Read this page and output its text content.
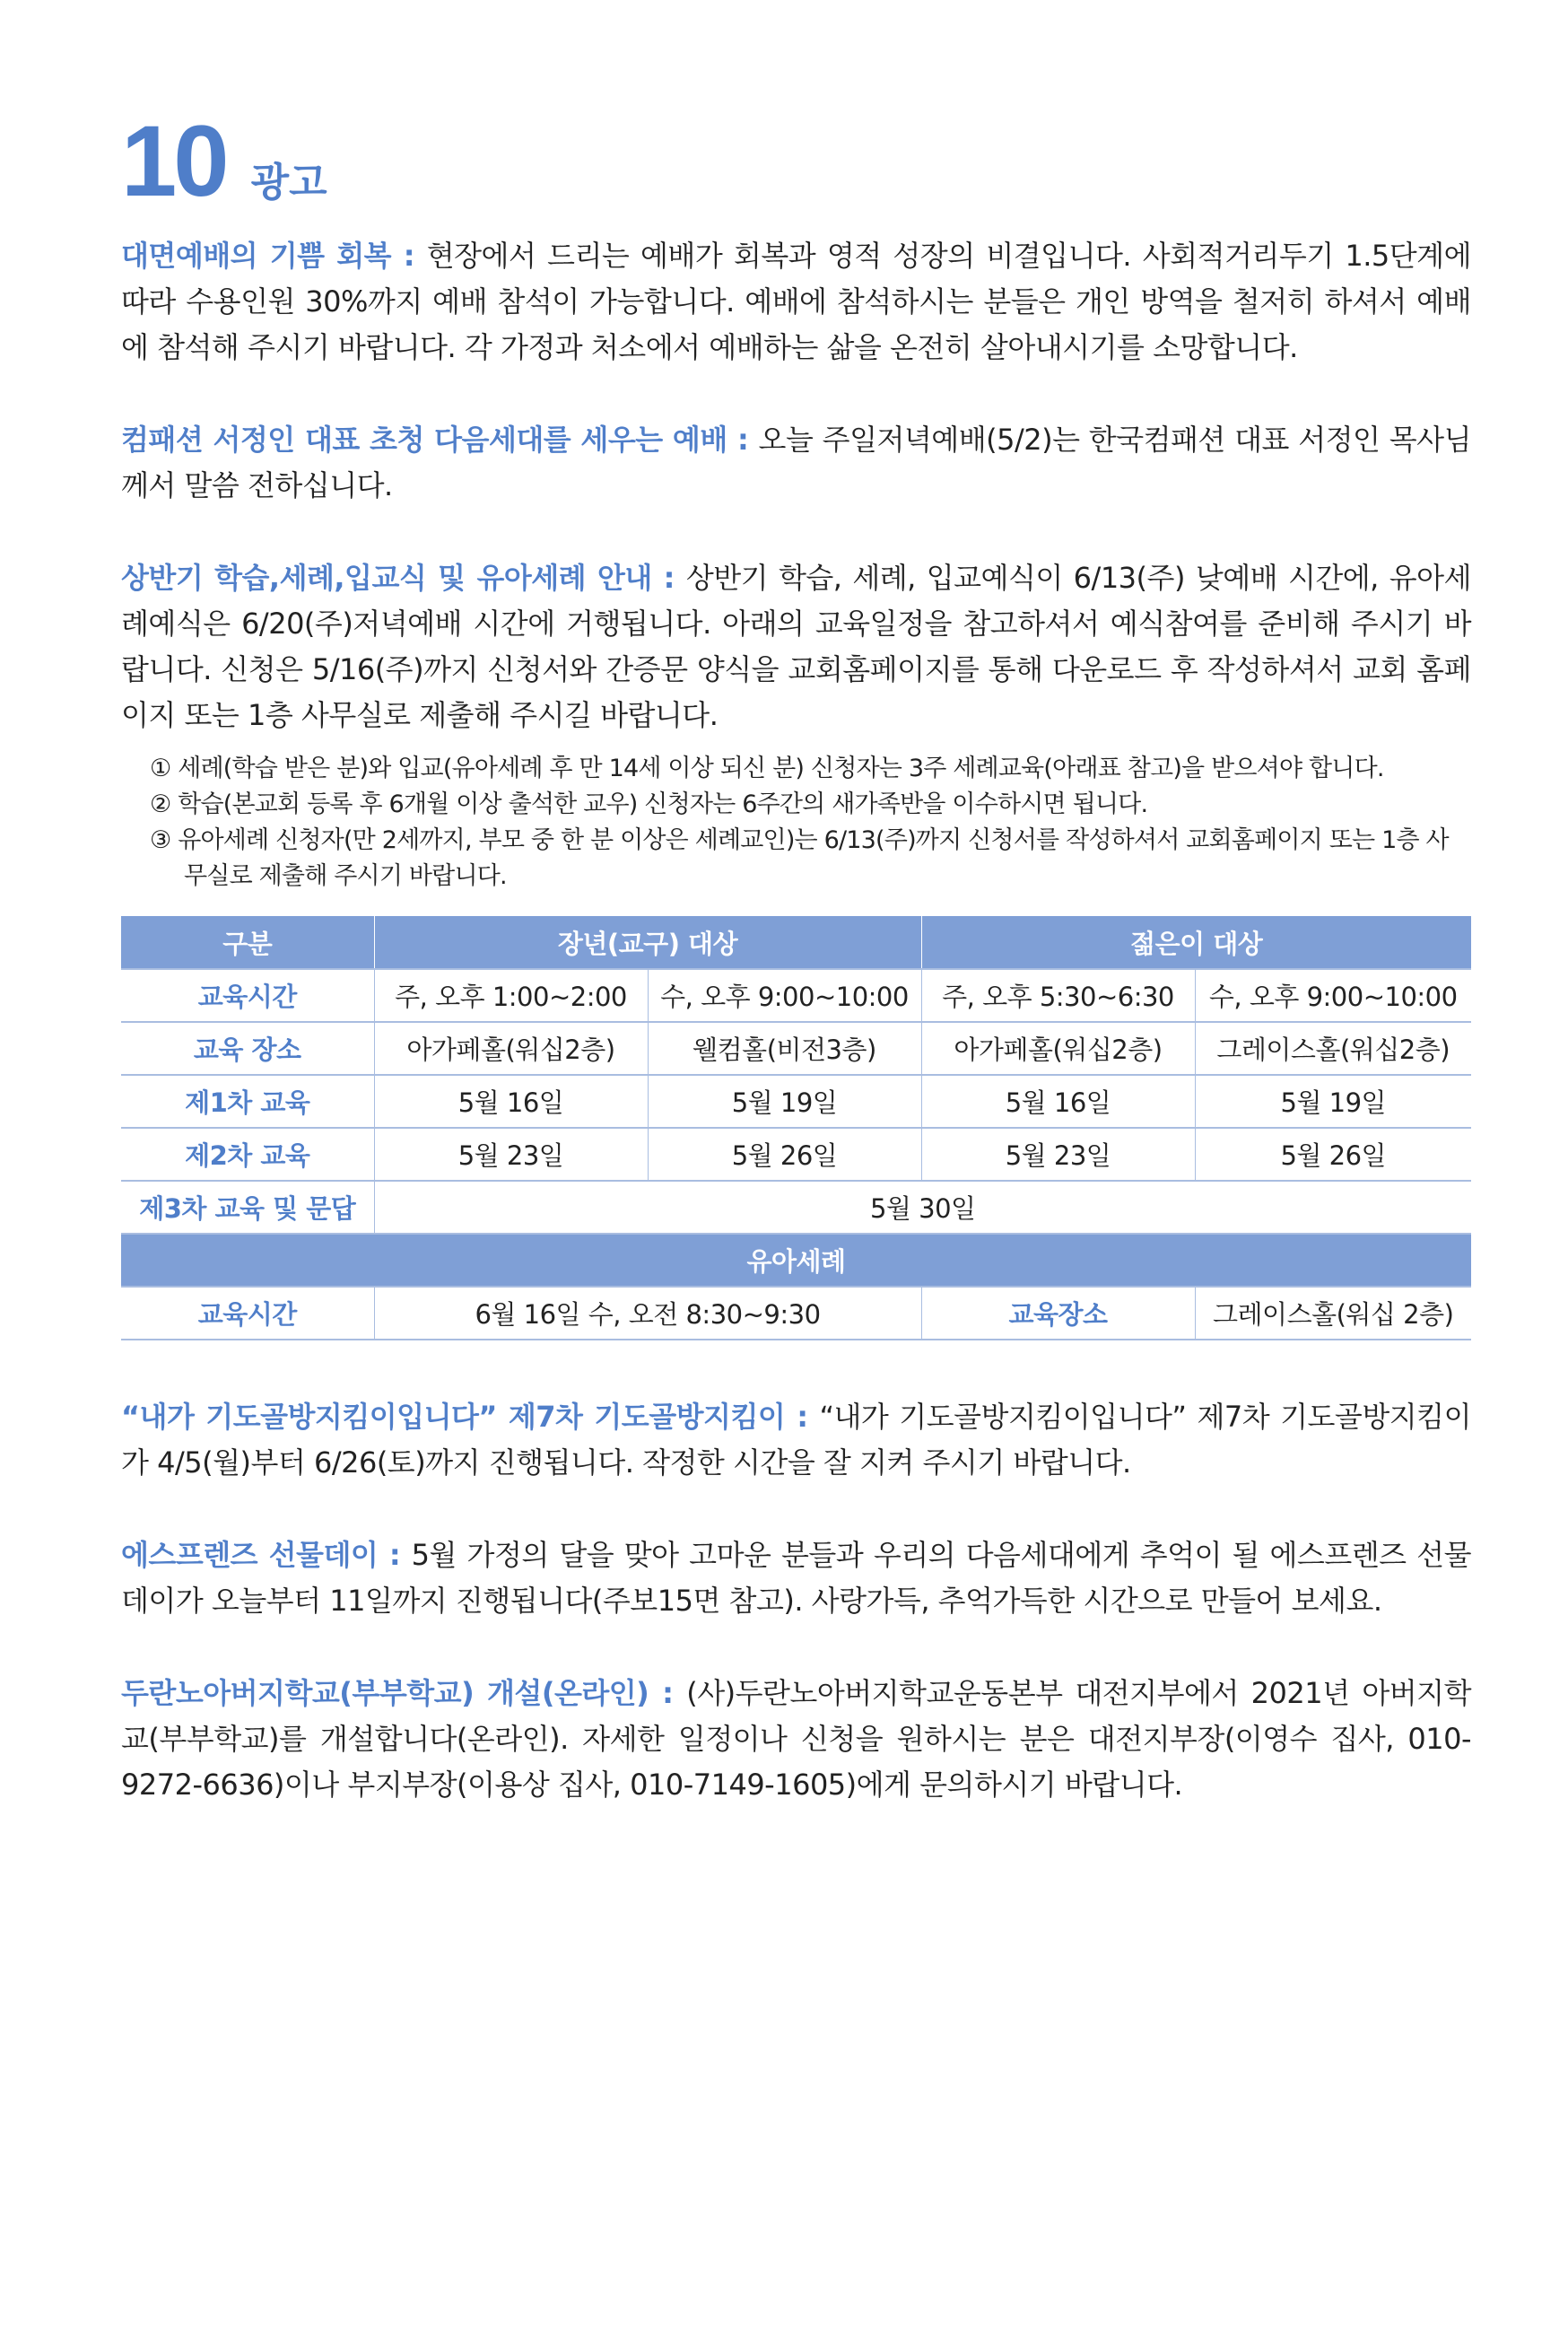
10 광고

대면예배의 기쁨 회복 : 현장에서 드리는 예배가 회복과 영적 성장의 비결입니다. 사회적거리두기 1.5단계에 따라 수용인원 30%까지 예배 참석이 가능합니다. 예배에 참석하시는 분들은 개인 방역을 철저히 하셔서 예배에 참석해 주시기 바랍니다. 각 가정과 처소에서 예배하는 삶을 온전히 살아내시기를 소망합니다.

컴패션 서정인 대표 초청 다음세대를 세우는 예배 : 오늘 주일저녁예배(5/2)는 한국컴패션 대표 서정인 목사님께서 말씀 전하십니다.

상반기 학습,세례,입교식 및 유아세례 안내 : 상반기 학습, 세례, 입교예식이 6/13(주) 낮예배 시간에, 유아세례예식은 6/20(주)저녁예배 시간에 거행됩니다. 아래의 교육일정을 참고하셔서 예식참여를 준비해 주시기 바랍니다. 신청은 5/16(주)까지 신청서와 간증문 양식을 교회홈페이지를 통해 다운로드 후 작성하셔서 교회 홈페이지 또는 1층 사무실로 제출해 주시길 바랍니다.

① 세례(학습 받은 분)와 입교(유아세례 후 만 14세 이상 되신 분) 신청자는 3주 세례교육(아래표 참고)을 받으셔야 합니다.

② 학습(본교회 등록 후 6개월 이상 출석한 교우) 신청자는 6주간의 새가족반을 이수하시면 됩니다.

③ 유아세례 신청자(만 2세까지, 부모 중 한 분 이상은 세례교인)는 6/13(주)까지 신청서를 작성하셔서 교회홈페이지 또는 1층 사무실로 제출해 주시기 바랍니다.

구분	장년(교구) 대상		젊은이 대상	
교육시간	주, 오후 1:00~2:00	수, 오후 9:00~10:00	주, 오후 5:30~6:30	수, 오후 9:00~10:00
교육 장소	아가페홀(워십2층)	웰컴홀(비전3층)	아가페홀(워십2층)	그레이스홀(워십2층)
제1차 교육	5월 16일	5월 19일	5월 16일	5월 19일
제2차 교육	5월 23일	5월 26일	5월 23일	5월 26일
제3차 교육 및 문답	5월 30일			
유아세례				
교육시간	6월 16일 수, 오전 8:30~9:30		교육장소	그레이스홀(워십 2층)

“내가 기도골방지킴이입니다” 제7차 기도골방지킴이 : “내가 기도골방지킴이입니다” 제7차 기도골방지킴이가 4/5(월)부터 6/26(토)까지 진행됩니다. 작정한 시간을 잘 지켜 주시기 바랍니다.

에스프렌즈 선물데이 : 5월 가정의 달을 맞아 고마운 분들과 우리의 다음세대에게 추억이 될 에스프렌즈 선물데이가 오늘부터 11일까지 진행됩니다(주보15면 참고). 사랑가득, 추억가득한 시간으로 만들어 보세요.

두란노아버지학교(부부학교) 개설(온라인) : (사)두란노아버지학교운동본부 대전지부에서 2021년 아버지학교(부부학교)를 개설합니다(온라인). 자세한 일정이나 신청을 원하시는 분은 대전지부장(이영수 집사, 010-9272-6636)이나 부지부장(이용상 집사, 010-7149-1605)에게 문의하시기 바랍니다.
